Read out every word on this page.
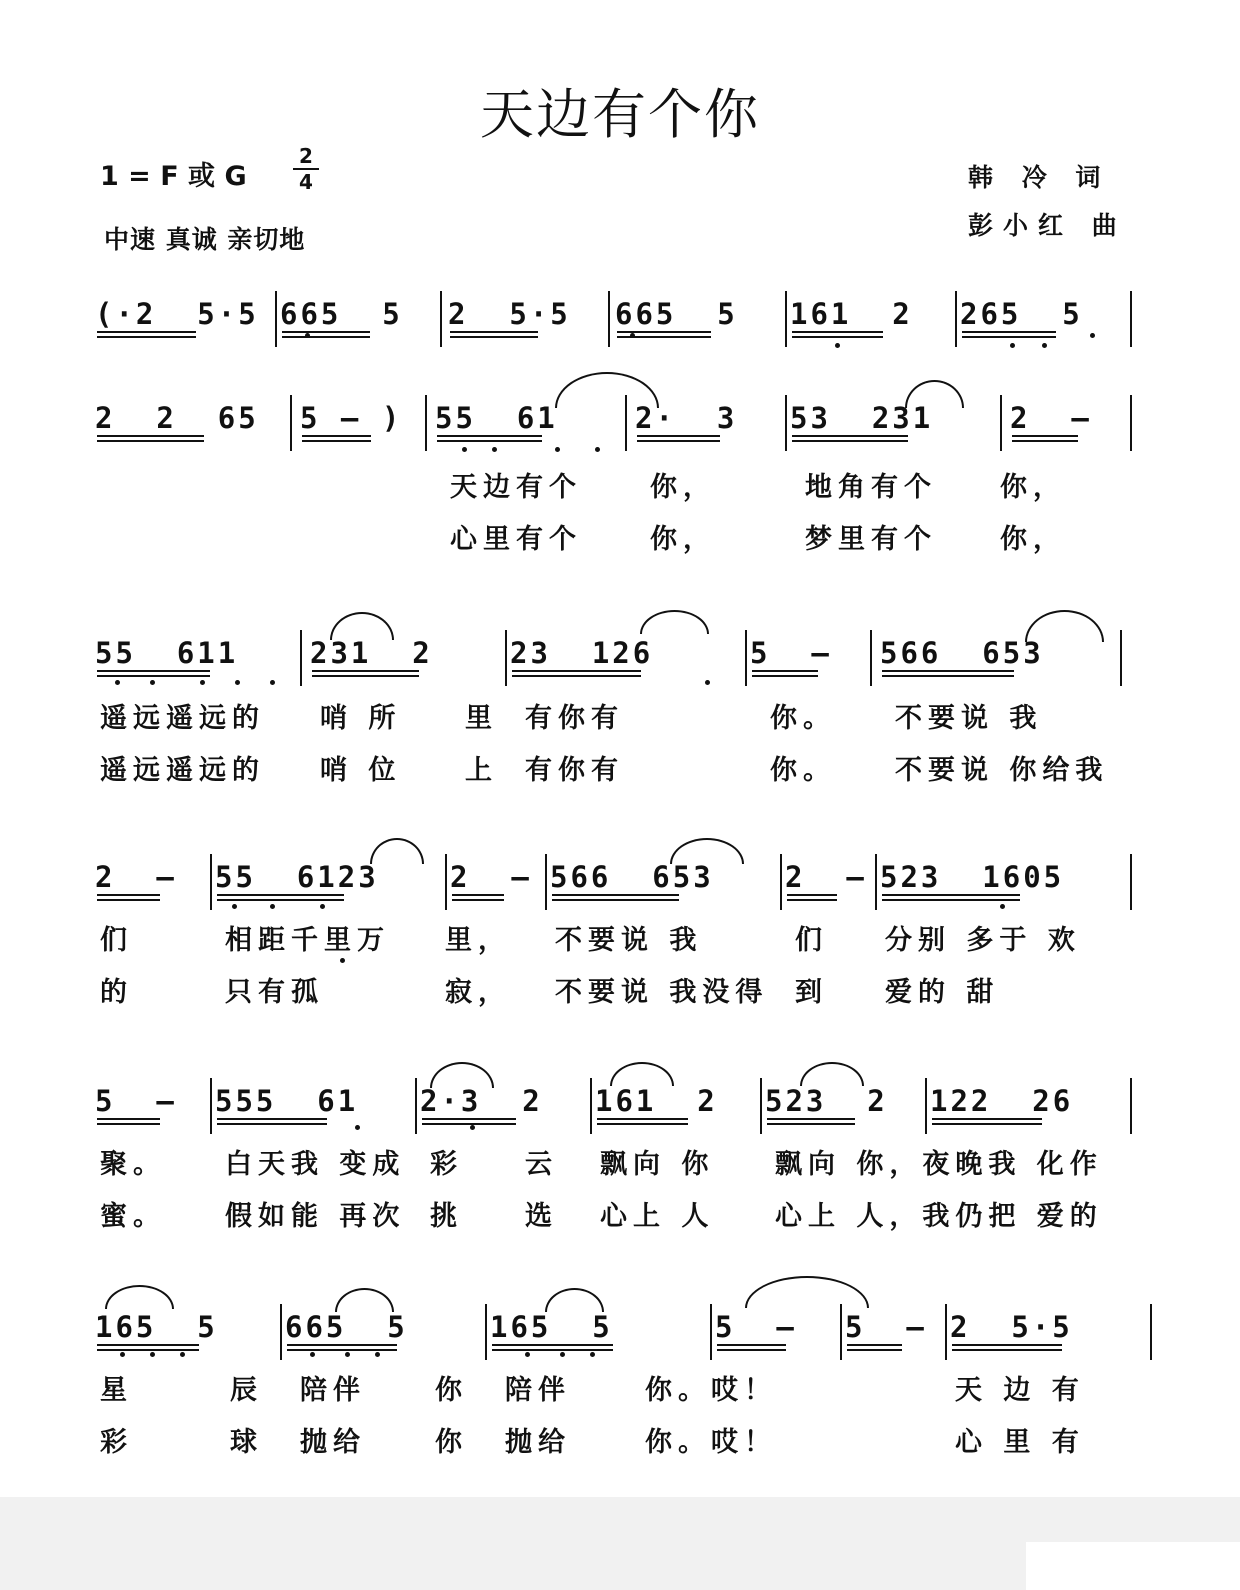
天边有个你
1 = F 或 G
2
4
中速 真诚 亲切地
韩 冷 词
彭小红 曲
(·2  5·5 665  5 2  5·5 665  5 161  2 265  5
2  2  65 5 – ) 55  61	2·  3 53  231	2  –
天边有个	你，	地角有个 你，
心里有个	你，	梦里有个 你，
55  611 231  2	23  126	5  – 566  653
遥远遥远的 哨 所 里 有你有	你。 不要说 我
遥远遥远的 哨 位 上 有你有	你。 不要说 你给我
2  – 55  6123 2  – 566  653 2  – 523  1605
们	相距千里万 里， 不要说 我	们 分别 多于 欢
的	只有孤	寂， 不要说 我没得 到 爱的 甜
5  – 555  61 2·3  2 161  2 523  2 122  26
聚。 白天我 变成 彩 云 飘向 你 飘向 你，夜晚我 化作
蜜。 假如能 再次 挑 选 心上 人 心上 人，我仍把 爱的
165  5 665  5	165  5	5  – 5  – 2  5·5
星	辰 陪伴	你 陪伴	你。哎！	天 边 有
彩	球 抛给	你 抛给	你。哎！	心 里 有
